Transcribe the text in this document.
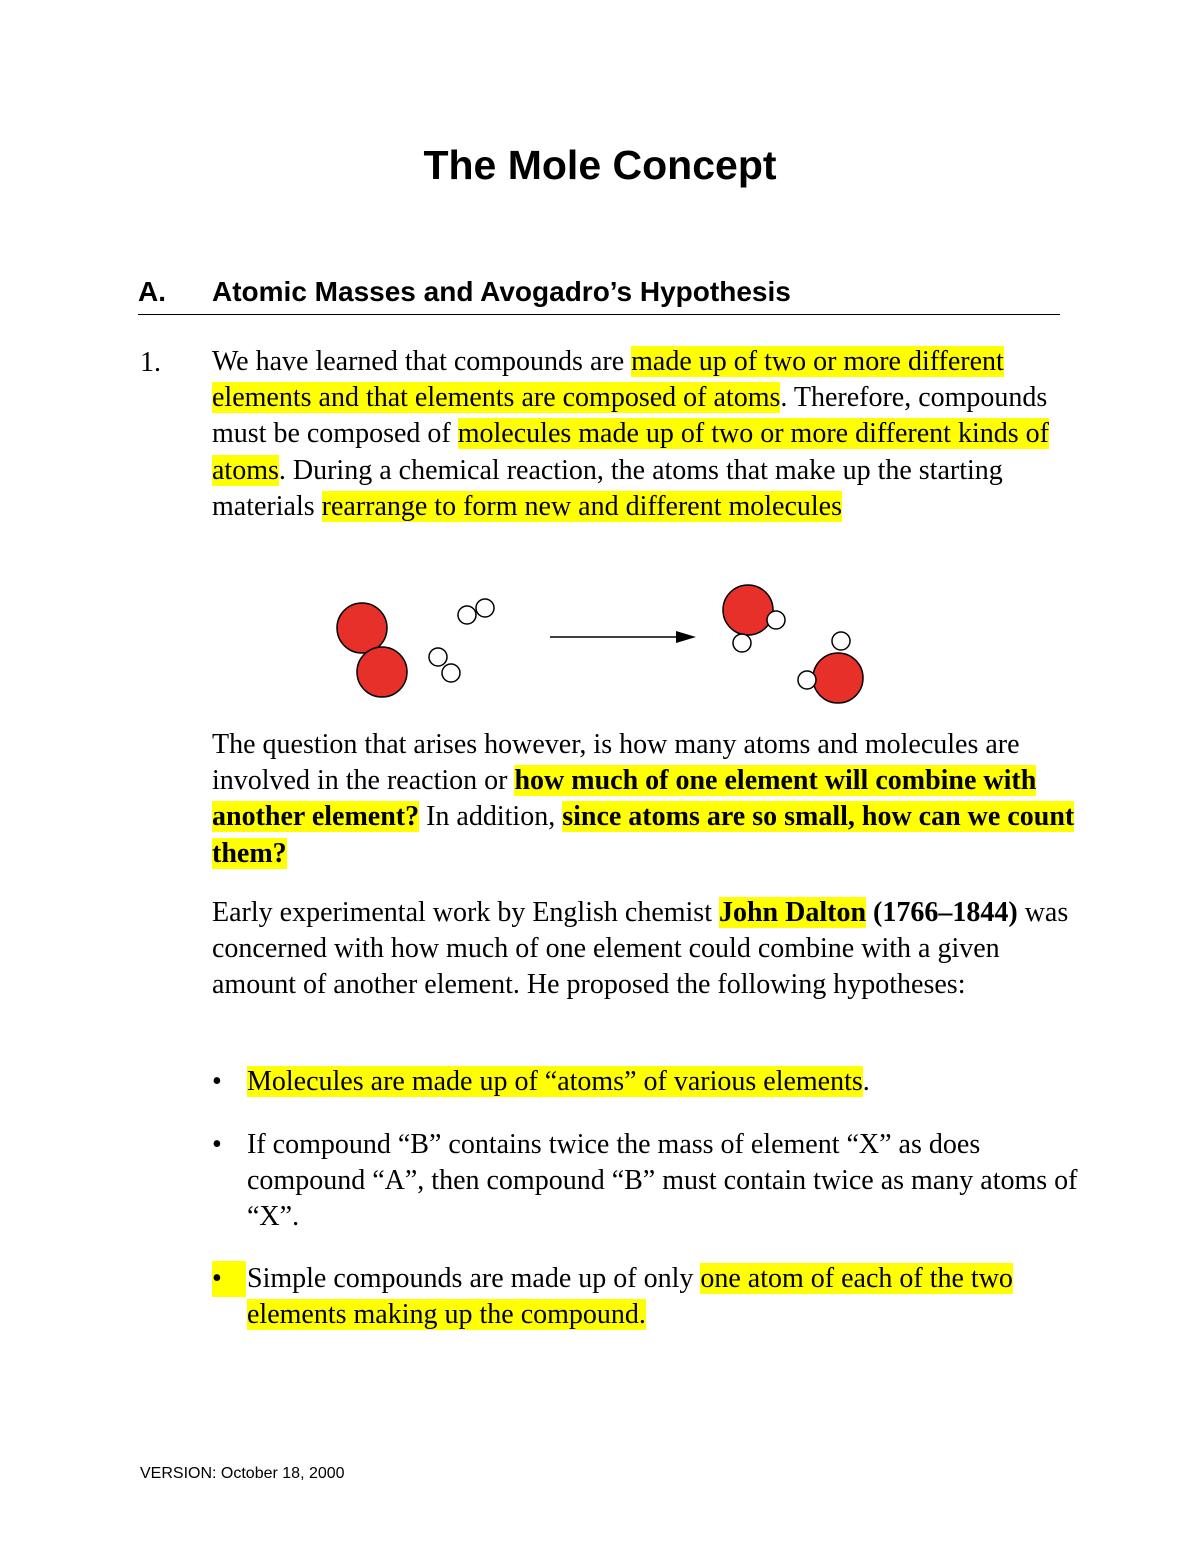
The Mole Concept
A. Atomic Masses and Avogadro’s Hypothesis
1. We have learned that compounds are made up of two or more different elements and that elements are composed of atoms. Therefore, compounds must be composed of molecules made up of two or more different kinds of atoms. During a chemical reaction, the atoms that make up the starting materials rearrange to form new and different molecules

The question that arises however, is how many atoms and molecules are involved in the reaction or how much of one element will combine with another element? In addition, since atoms are so small, how can we count them?

Early experimental work by English chemist John Dalton (1766–1844) was concerned with how much of one element could combine with a given amount of another element. He proposed the following hypotheses:

• Molecules are made up of “atoms” of various elements.
• If compound “B” contains twice the mass of element “X” as does compound “A”, then compound “B” must contain twice as many atoms of “X”.
• Simple compounds are made up of only one atom of each of the two elements making up the compound.
VERSION: October 18, 2000
